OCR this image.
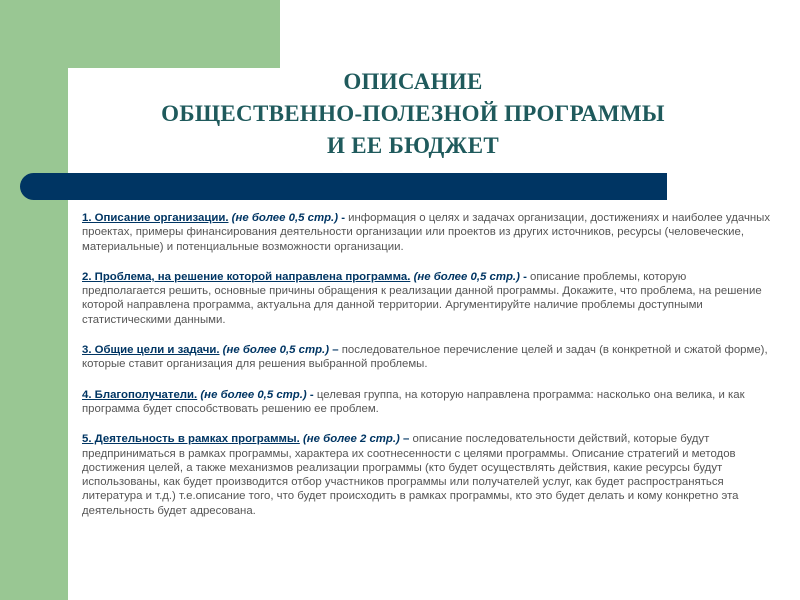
ОПИСАНИЕ
ОБЩЕСТВЕННО-ПОЛЕЗНОЙ ПРОГРАММЫ
И ЕЕ БЮДЖЕТ

1. Описание организации. (не более 0,5 стр.) - информация о целях и задачах организации, достижениях и наиболее удачных проектах, примеры финансирования деятельности организации или проектов из других источников, ресурсы (человеческие, материальные) и потенциальные возможности организации.

2. Проблема, на решение которой направлена программа. (не более 0,5 стр.) - описание проблемы, которую предполагается решить, основные причины обращения к реализации данной программы. Докажите, что проблема, на решение которой направлена программа, актуальна для данной территории. Аргументируйте наличие проблемы доступными статистическими данными.

3. Общие цели и задачи. (не более 0,5 стр.) – последовательное перечисление целей и задач (в конкретной и сжатой форме), которые ставит организация для решения выбранной проблемы.

4. Благополучатели. (не более 0,5 стр.) - целевая группа, на которую направлена программа: насколько она велика, и как программа будет способствовать решению ее проблем.

5. Деятельность в рамках программы. (не более 2 стр.) – описание последовательности действий, которые будут предприниматься в рамках программы, характера их соотнесенности с целями программы. Описание стратегий и методов достижения целей, а также механизмов реализации программы (кто будет осуществлять действия, какие ресурсы будут использованы, как будет производится отбор участников программы или получателей услуг, как будет распространяться литература и т.д.) т.е.описание того, что будет происходить в рамках программы, кто это будет делать и кому конкретно эта деятельность будет адресована.
